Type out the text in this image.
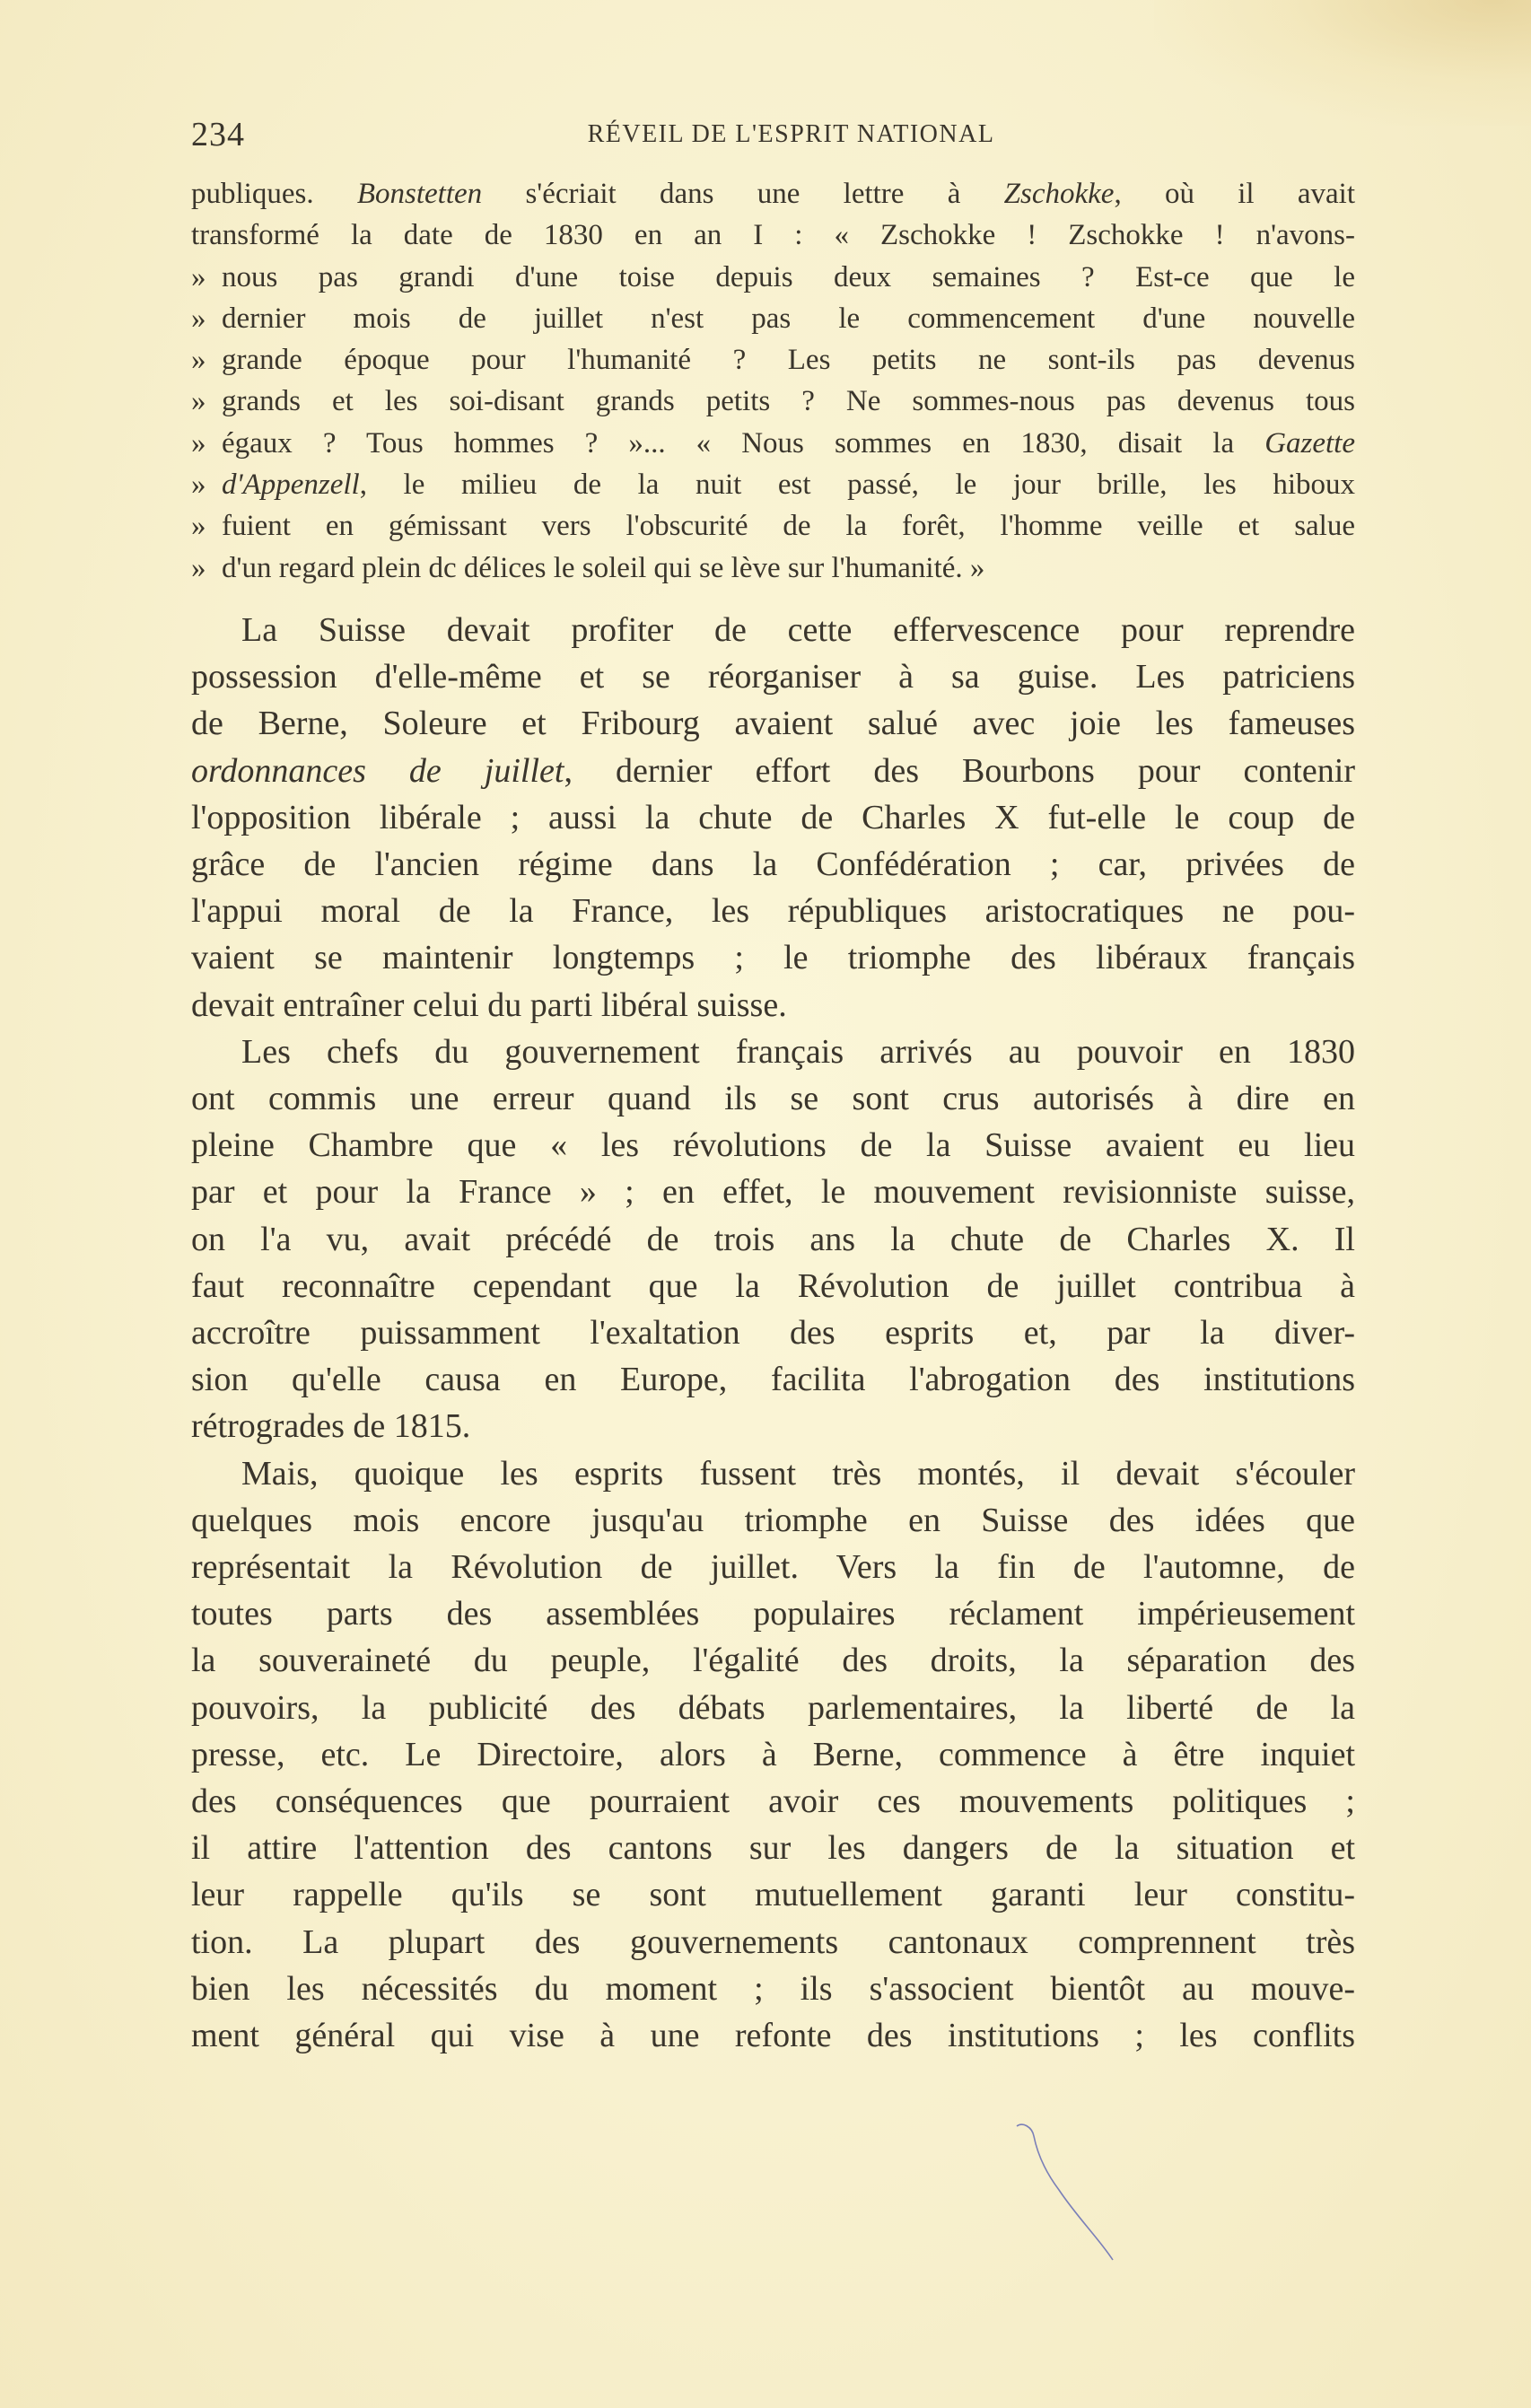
234	RÉVEIL DE L'ESPRIT NATIONAL
publiques. Bonstetten s'écriait dans une lettre à Zschokke, où il avait
transformé la date de 1830 en an I : « Zschokke ! Zschokke ! n'avons-
» nous pas grandi d'une toise depuis deux semaines ? Est-ce que le
» dernier mois de juillet n'est pas le commencement d'une nouvelle
» grande époque pour l'humanité ? Les petits ne sont-ils pas devenus
» grands et les soi-disant grands petits ? Ne sommes-nous pas devenus tous
» égaux ? Tous hommes ? »... « Nous sommes en 1830, disait la Gazette
» d'Appenzell, le milieu de la nuit est passé, le jour brille, les hiboux
» fuient en gémissant vers l'obscurité de la forêt, l'homme veille et salue
» d'un regard plein dc délices le soleil qui se lève sur l'humanité. »
La Suisse devait profiter de cette effervescence pour reprendre
possession d'elle-même et se réorganiser à sa guise. Les patriciens
de Berne, Soleure et Fribourg avaient salué avec joie les fameuses
ordonnances de juillet, dernier effort des Bourbons pour contenir
l'opposition libérale ; aussi la chute de Charles X fut-elle le coup de
grâce de l'ancien régime dans la Confédération ; car, privées de
l'appui moral de la France, les républiques aristocratiques ne pou-
vaient se maintenir longtemps ; le triomphe des libéraux français
devait entraîner celui du parti libéral suisse.
Les chefs du gouvernement français arrivés au pouvoir en 1830
ont commis une erreur quand ils se sont crus autorisés à dire en
pleine Chambre que « les révolutions de la Suisse avaient eu lieu
par et pour la France » ; en effet, le mouvement revisionniste suisse,
on l'a vu, avait précédé de trois ans la chute de Charles X. Il
faut reconnaître cependant que la Révolution de juillet contribua à
accroître puissamment l'exaltation des esprits et, par la diver-
sion qu'elle causa en Europe, facilita l'abrogation des institutions
rétrogrades de 1815.
Mais, quoique les esprits fussent très montés, il devait s'écouler
quelques mois encore jusqu'au triomphe en Suisse des idées que
représentait la Révolution de juillet. Vers la fin de l'automne, de
toutes parts des assemblées populaires réclament impérieusement
la souveraineté du peuple, l'égalité des droits, la séparation des
pouvoirs, la publicité des débats parlementaires, la liberté de la
presse, etc. Le Directoire, alors à Berne, commence à être inquiet
des conséquences que pourraient avoir ces mouvements politiques ;
il attire l'attention des cantons sur les dangers de la situation et
leur rappelle qu'ils se sont mutuellement garanti leur constitu-
tion. La plupart des gouvernements cantonaux comprennent très
bien les nécessités du moment ; ils s'associent bientôt au mouve-
ment général qui vise à une refonte des institutions ; les conflits
